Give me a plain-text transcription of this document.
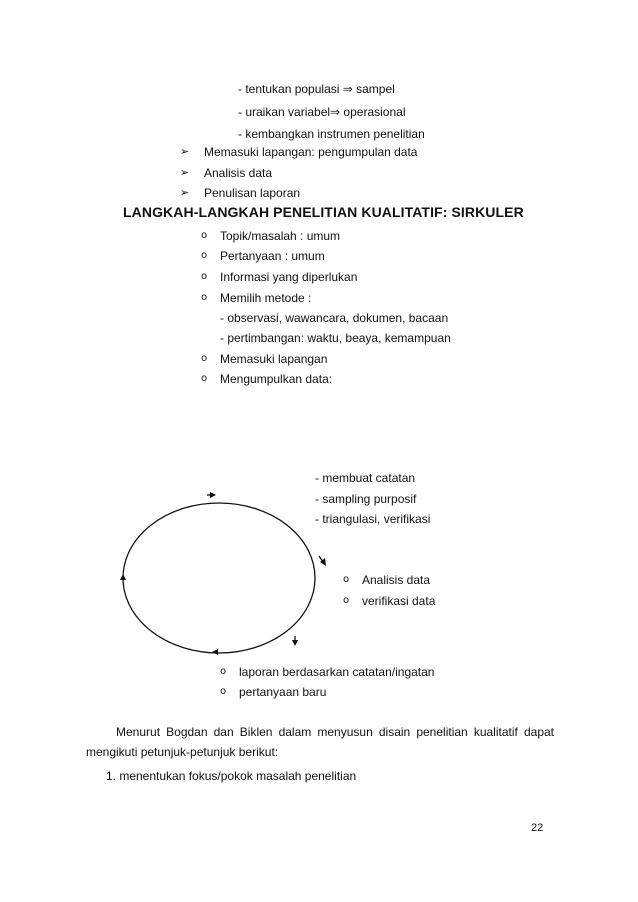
- tentukan populasi ⇒ sampel
- uraikan variabel⇒ operasional
- kembangkan instrumen penelitian
➢ Memasuki lapangan: pengumpulan data
➢ Analisis data
➢ Penulisan laporan
LANGKAH-LANGKAH PENELITIAN KUALITATIF: SIRKULER
o Topik/masalah : umum
o Pertanyaan : umum
o Informasi yang diperlukan
o Memilih metode :
- observasi, wawancara, dokumen, bacaan
- pertimbangan: waktu, beaya, kemampuan
o Memasuki lapangan
o Mengumpulkan data:
- membuat catatan
- sampling purposif
- triangulasi, verifikasi
o Analisis data
o verifikasi data
o laporan berdasarkan catatan/ingatan
o pertanyaan baru
Menurut Bogdan dan Biklen dalam menyusun disain penelitian kualitatif dapat mengikuti petunjuk-petunjuk berikut:
1. menentukan fokus/pokok masalah penelitian
22
